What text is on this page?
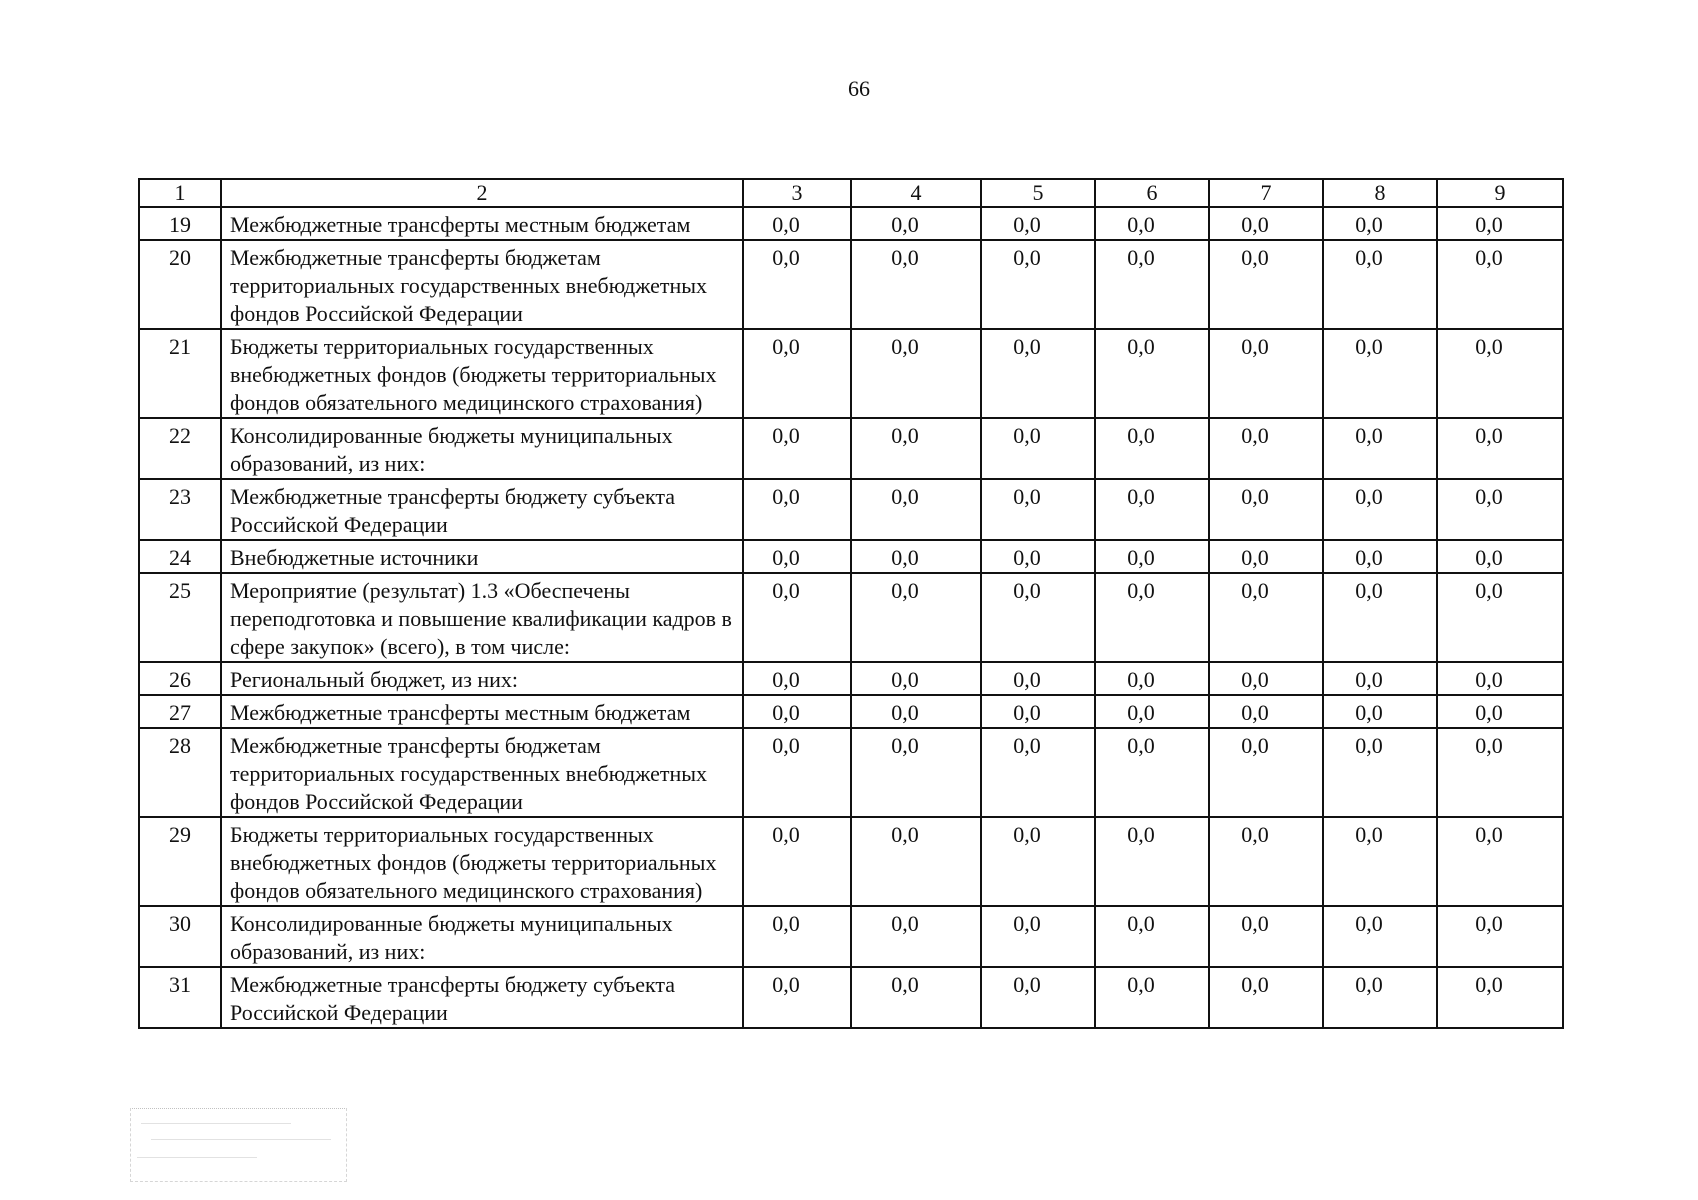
66
1	2	3	4	5	6	7	8	9
19	Межбюджетные трансферты местным бюджетам	0,0	0,0	0,0	0,0	0,0	0,0	0,0
20	Межбюджетные трансферты бюджетам территориальных государственных внебюджетных фондов Российской Федерации	0,0	0,0	0,0	0,0	0,0	0,0	0,0
21	Бюджеты территориальных государственных внебюджетных фондов (бюджеты территориальных фондов обязательного медицинского страхования)	0,0	0,0	0,0	0,0	0,0	0,0	0,0
22	Консолидированные бюджеты муниципальных образований, из них:	0,0	0,0	0,0	0,0	0,0	0,0	0,0
23	Межбюджетные трансферты бюджету субъекта Российской Федерации	0,0	0,0	0,0	0,0	0,0	0,0	0,0
24	Внебюджетные источники	0,0	0,0	0,0	0,0	0,0	0,0	0,0
25	Мероприятие (результат) 1.3 «Обеспечены переподготовка и повышение квалификации кадров в сфере закупок» (всего), в том числе:	0,0	0,0	0,0	0,0	0,0	0,0	0,0
26	Региональный бюджет, из них:	0,0	0,0	0,0	0,0	0,0	0,0	0,0
27	Межбюджетные трансферты местным бюджетам	0,0	0,0	0,0	0,0	0,0	0,0	0,0
28	Межбюджетные трансферты бюджетам территориальных государственных внебюджетных фондов Российской Федерации	0,0	0,0	0,0	0,0	0,0	0,0	0,0
29	Бюджеты территориальных государственных внебюджетных фондов (бюджеты территориальных фондов обязательного медицинского страхования)	0,0	0,0	0,0	0,0	0,0	0,0	0,0
30	Консолидированные бюджеты муниципальных образований, из них:	0,0	0,0	0,0	0,0	0,0	0,0	0,0
31	Межбюджетные трансферты бюджету субъекта Российской Федерации	0,0	0,0	0,0	0,0	0,0	0,0	0,0
